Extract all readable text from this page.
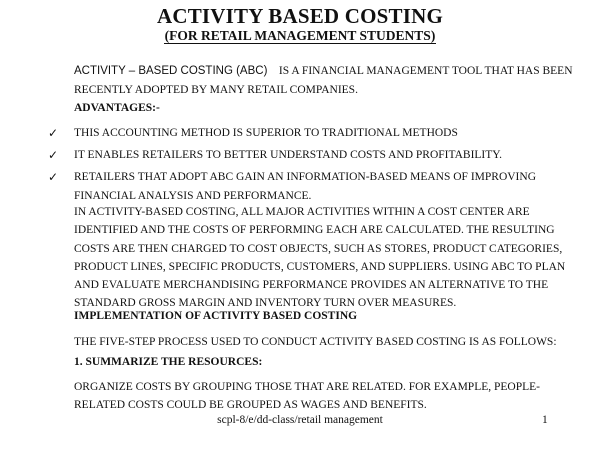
ACTIVITY BASED COSTING
(FOR RETAIL MANAGEMENT STUDENTS)
ACTIVITY – BASED COSTING (ABC) IS A FINANCIAL MANAGEMENT TOOL THAT HAS BEEN RECENTLY ADOPTED BY MANY RETAIL COMPANIES.
ADVANTAGES:-
✓ THIS ACCOUNTING METHOD IS SUPERIOR TO TRADITIONAL METHODS
✓ IT ENABLES RETAILERS TO BETTER UNDERSTAND COSTS AND PROFITABILITY.
✓ RETAILERS THAT ADOPT ABC GAIN AN INFORMATION-BASED MEANS OF IMPROVING FINANCIAL ANALYSIS AND PERFORMANCE.
IN ACTIVITY-BASED COSTING, ALL MAJOR ACTIVITIES WITHIN A COST CENTER ARE IDENTIFIED AND THE COSTS OF PERFORMING EACH ARE CALCULATED. THE RESULTING COSTS ARE THEN CHARGED TO COST OBJECTS, SUCH AS STORES, PRODUCT CATEGORIES, PRODUCT LINES, SPECIFIC PRODUCTS, CUSTOMERS, AND SUPPLIERS. USING ABC TO PLAN AND EVALUATE MERCHANDISING PERFORMANCE PROVIDES AN ALTERNATIVE TO THE STANDARD GROSS MARGIN AND INVENTORY TURN OVER MEASURES.
IMPLEMENTATION OF ACTIVITY BASED COSTING
THE FIVE-STEP PROCESS USED TO CONDUCT ACTIVITY BASED COSTING IS AS FOLLOWS:
1. SUMMARIZE THE RESOURCES:
ORGANIZE COSTS BY GROUPING THOSE THAT ARE RELATED. FOR EXAMPLE, PEOPLE-RELATED COSTS COULD BE GROUPED AS WAGES AND BENEFITS.
scpl-8/e/dd-class/retail management	1
